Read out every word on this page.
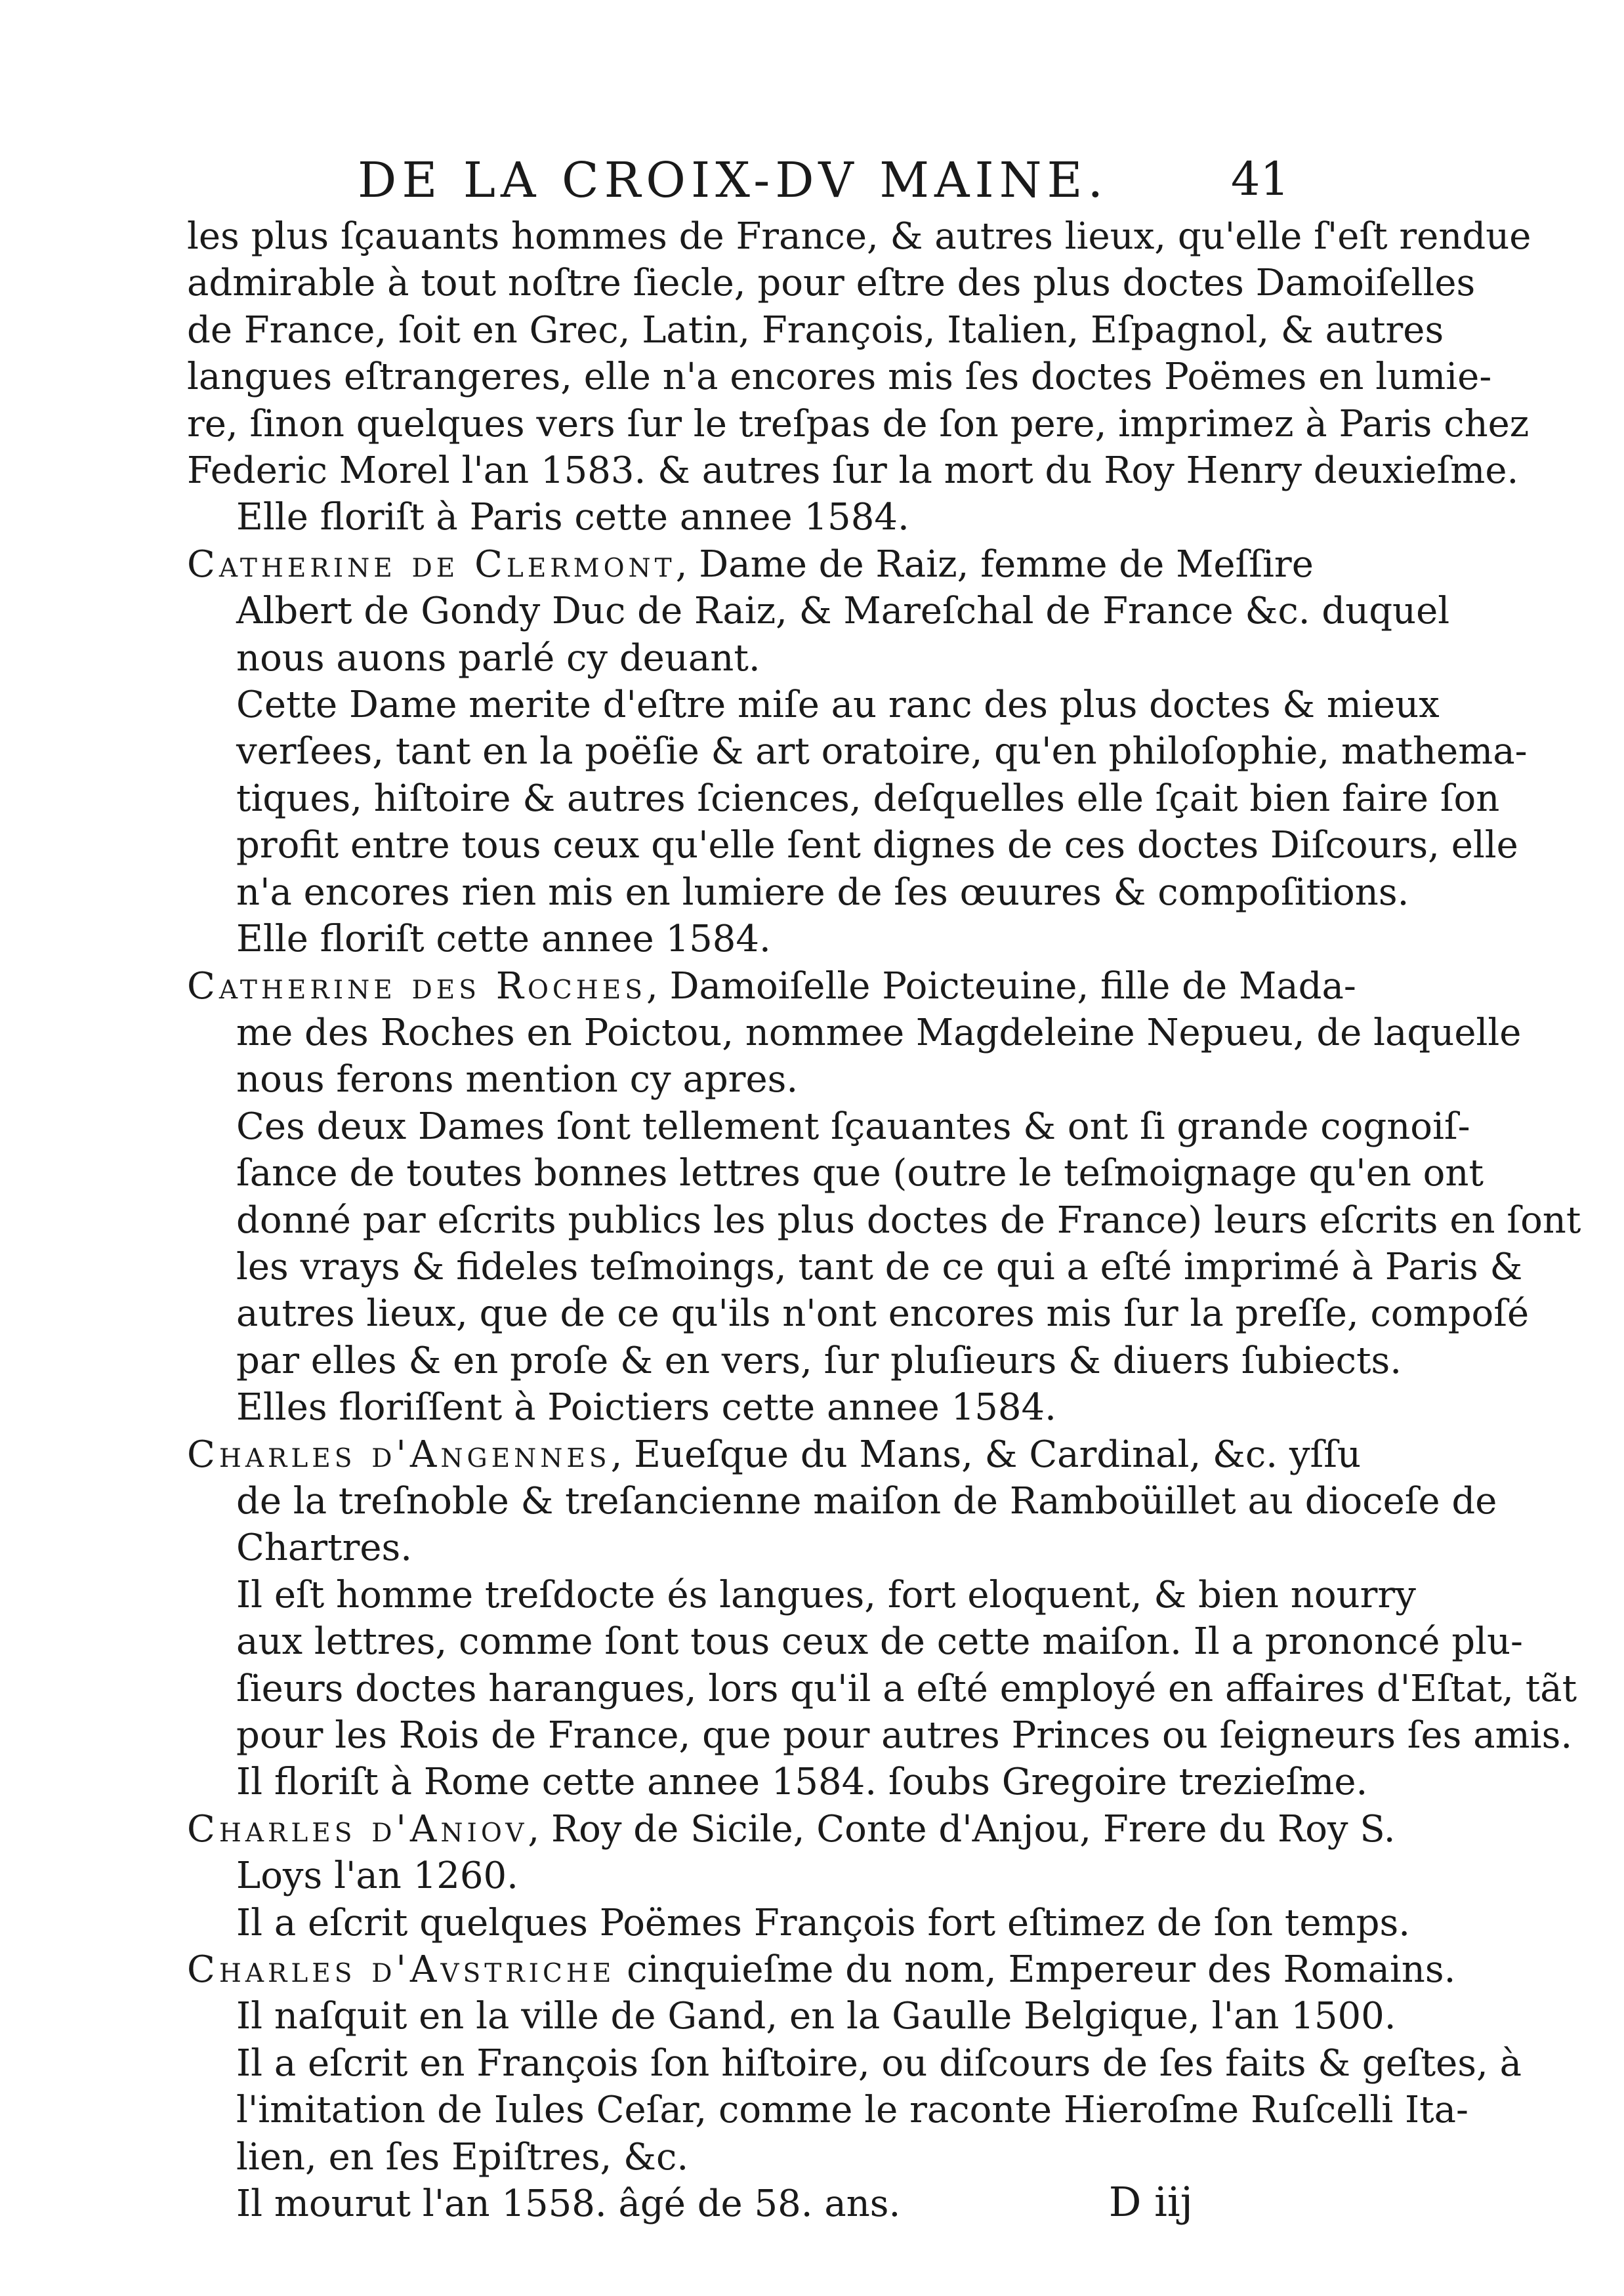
DE LA CROIX-DV MAINE.	41

les plus ſçauants hommes de France, & autres lieux, qu'elle ſ'eſt rendue
admirable à tout noſtre ſiecle, pour eſtre des plus doctes Damoiſelles
de France, ſoit en Grec, Latin, François, Italien, Eſpagnol, & autres
langues eſtrangeres, elle n'a encores mis ſes doctes Poëmes en lumie-
re, ſinon quelques vers ſur le treſpas de ſon pere, imprimez à Paris chez
Federic Morel l'an 1583. & autres ſur la mort du Roy Henry deuxieſme.
Elle floriſt à Paris cette annee 1584.
Catherine de Clermont, Dame de Raiz, femme de Meſſire
Albert de Gondy Duc de Raiz, & Mareſchal de France &c. duquel
nous auons parlé cy deuant.
Cette Dame merite d'eſtre miſe au ranc des plus doctes & mieux
verſees, tant en la poëſie & art oratoire, qu'en philoſophie, mathema-
tiques, hiſtoire & autres ſciences, deſquelles elle ſçait bien faire ſon
profit entre tous ceux qu'elle ſent dignes de ces doctes Diſcours, elle
n'a encores rien mis en lumiere de ſes œuures & compoſitions.
Elle floriſt cette annee 1584.
Catherine des Roches, Damoiſelle Poicteuine, fille de Mada-
me des Roches en Poictou, nommee Magdeleine Nepueu, de laquelle
nous ferons mention cy apres.
Ces deux Dames ſont tellement ſçauantes & ont ſi grande cognoiſ-
ſance de toutes bonnes lettres que (outre le teſmoignage qu'en ont
donné par eſcrits publics les plus doctes de France) leurs eſcrits en ſont
les vrays & fideles teſmoings, tant de ce qui a eſté imprimé à Paris &
autres lieux, que de ce qu'ils n'ont encores mis ſur la preſſe, compoſé
par elles & en proſe & en vers, ſur pluſieurs & diuers ſubiects.
Elles floriſſent à Poictiers cette annee 1584.
Charles d'Angennes, Eueſque du Mans, & Cardinal, &c. yſſu
de la treſnoble & treſancienne maiſon de Ramboüillet au dioceſe de
Chartres.
Il eſt homme treſdocte és langues, fort eloquent, & bien nourry
aux lettres, comme ſont tous ceux de cette maiſon. Il a prononcé plu-
ſieurs doctes harangues, lors qu'il a eſté employé en affaires d'Eſtat, tãt
pour les Rois de France, que pour autres Princes ou ſeigneurs ſes amis.
Il floriſt à Rome cette annee 1584. ſoubs Gregoire trezieſme.
Charles d'Aniov, Roy de Sicile, Conte d'Anjou, Frere du Roy S.
Loys l'an 1260.
Il a eſcrit quelques Poëmes François fort eſtimez de ſon temps.
Charles d'Avstriche cinquieſme du nom, Empereur des Romains.
Il naſquit en la ville de Gand, en la Gaulle Belgique, l'an 1500.
Il a eſcrit en François ſon hiſtoire, ou diſcours de ſes faits & geſtes, à
l'imitation de Iules Ceſar, comme le raconte Hieroſme Ruſcelli Ita-
lien, en ſes Epiſtres, &c.
Il mourut l'an 1558. âgé de 58. ans.	D iij
